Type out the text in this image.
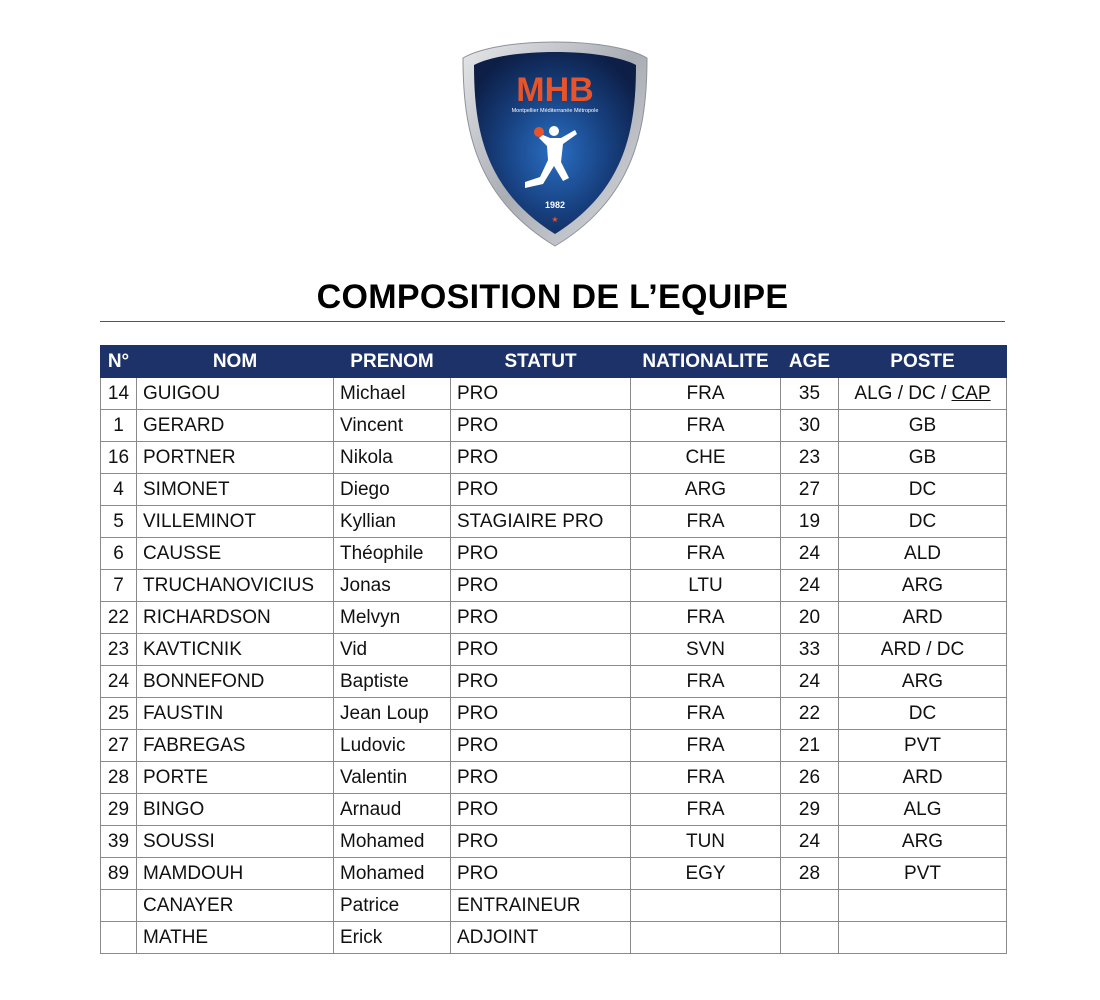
MHB
Montpellier Méditerranée Métropole
1982
★
COMPOSITION DE L’EQUIPE
N°	NOM	PRENOM	STATUT	NATIONALITE	AGE	POSTE
14	GUIGOU	Michael	PRO	FRA	35	ALG / DC / CAP
1	GERARD	Vincent	PRO	FRA	30	GB
16	PORTNER	Nikola	PRO	CHE	23	GB
4	SIMONET	Diego	PRO	ARG	27	DC
5	VILLEMINOT	Kyllian	STAGIAIRE PRO	FRA	19	DC
6	CAUSSE	Théophile	PRO	FRA	24	ALD
7	TRUCHANOVICIUS	Jonas	PRO	LTU	24	ARG
22	RICHARDSON	Melvyn	PRO	FRA	20	ARD
23	KAVTICNIK	Vid	PRO	SVN	33	ARD / DC
24	BONNEFOND	Baptiste	PRO	FRA	24	ARG
25	FAUSTIN	Jean Loup	PRO	FRA	22	DC
27	FABREGAS	Ludovic	PRO	FRA	21	PVT
28	PORTE	Valentin	PRO	FRA	26	ARD
29	BINGO	Arnaud	PRO	FRA	29	ALG
39	SOUSSI	Mohamed	PRO	TUN	24	ARG
89	MAMDOUH	Mohamed	PRO	EGY	28	PVT
	CANAYER	Patrice	ENTRAINEUR			
	MATHE	Erick	ADJOINT			
